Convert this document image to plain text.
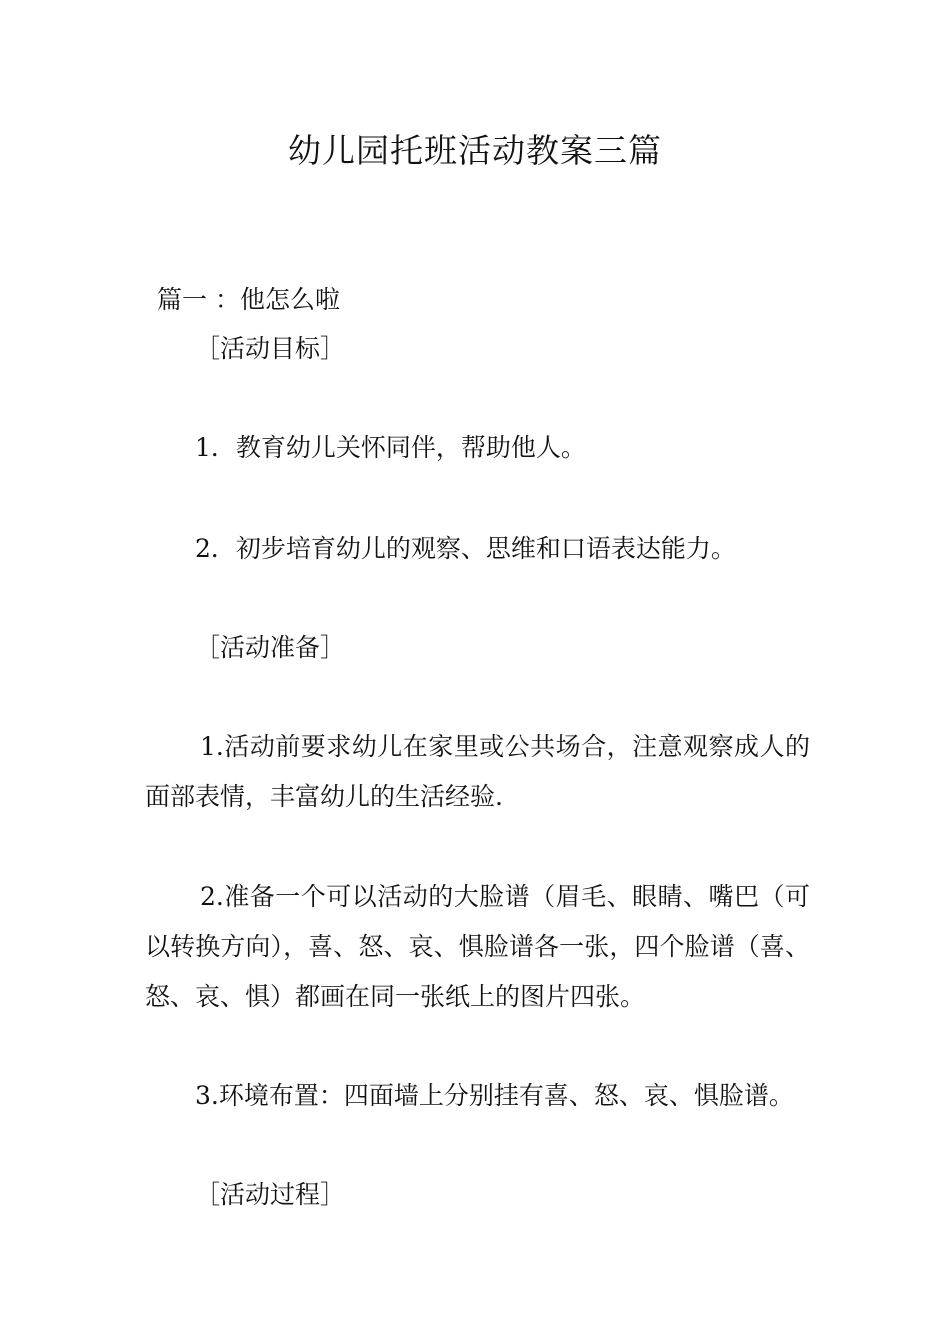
幼儿园托班活动教案三篇
篇一 ：他怎么啦
［活动目标］
1．教育幼儿关怀同伴，帮助他人。
2．初步培育幼儿的观察、思维和口语表达能力。
［活动准备］
1.活动前要求幼儿在家里或公共场合，注意观察成人的面部表情，丰富幼儿的生活经验.
2.准备一个可以活动的大脸谱（眉毛、眼睛、嘴巴（可以转换方向），喜、怒、哀、惧脸谱各一张，四个脸谱（喜、怒、哀、惧）都画在同一张纸上的图片四张。
3.环境布置：四面墙上分别挂有喜、怒、哀、惧脸谱。
［活动过程］
